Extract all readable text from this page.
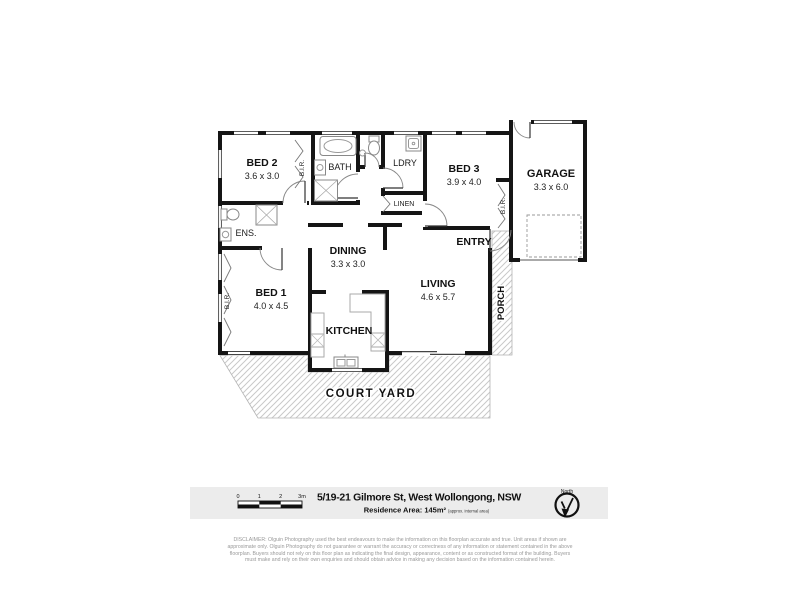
BED 2
3.6 x 3.0	B.I.R. BATH	LDRY
LINEN
BED 3
3.9 x 4.0
B.I.R.
GARAGE
3.3 x 6.0
ENS.
ENTRY
DINING
3.3 x 3.0
BED 1
4.0 x 4.5
B.I.R.
LIVING
4.6 x 5.7
KITCHEN
PORCH
COURT YARD
0	1	2	3m 5/19-21 Gilmore St, West Wollongong, NSW
Residence Area: 145m² (approx. internal area)
North
DISCLAIMER: Olguin Photography used the best endeavours to make the information on this floorplan accurate and true. Unit areas if shown are approximate only. Olguin Photography do not guarantee or warrant the accuracy or correctness of any information or statement contained in the above floorplan. Buyers should not rely on this floor plan as indicating the final design, appearance, content or as constructed format of the building. Buyers must make and rely on their own enquiries and should obtain advice in making any decision based on the information contained herein.
